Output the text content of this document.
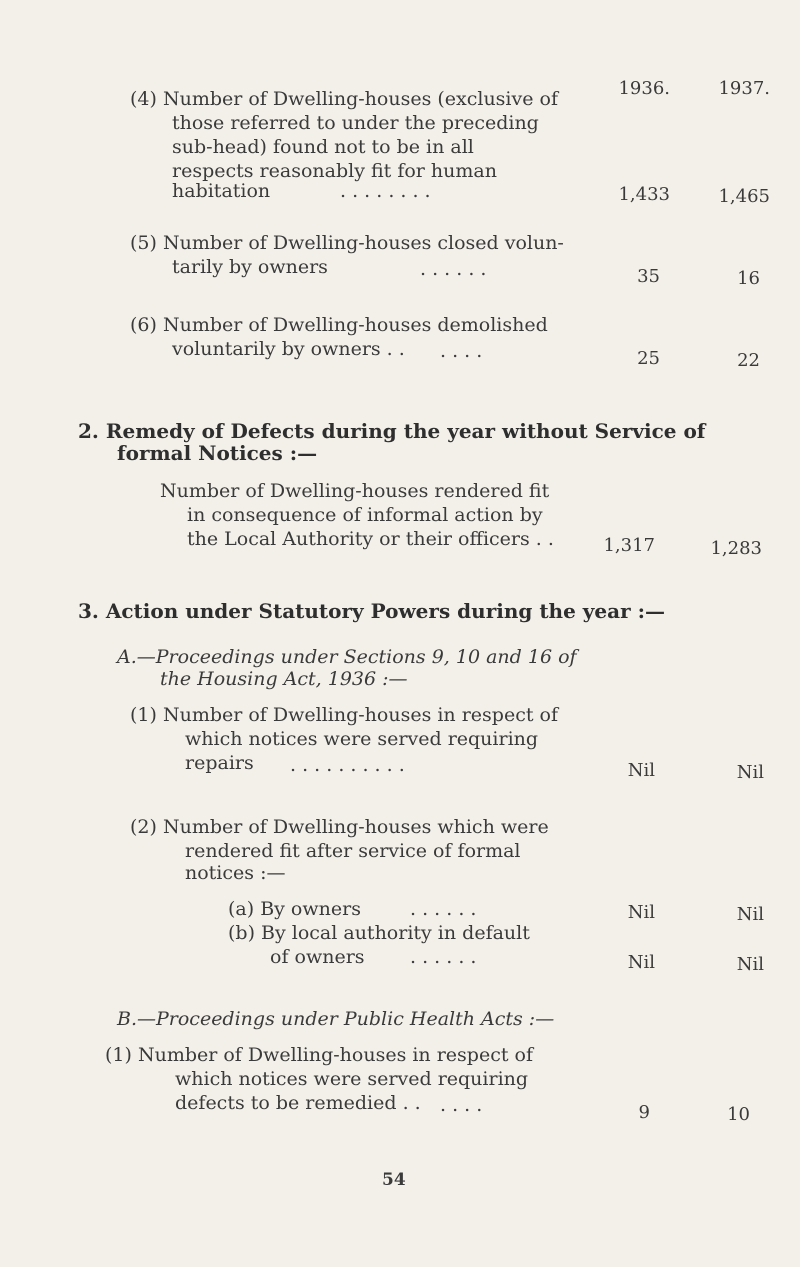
1936.	1937.
(4) Number of Dwelling-houses (exclusive of
those referred to under the preceding
sub-head) found not to be in all
respects reasonably fit for human
habitation	. . . . . . . .	1,433	1,465
(5) Number of Dwelling-houses closed volun-
tarily by owners	. . . . . .	35	16
(6) Number of Dwelling-houses demolished
voluntarily by owners . . . . . .	25	22
2. Remedy of Defects during the year without Service of
formal Notices :—
Number of Dwelling-houses rendered fit
in consequence of informal action by
the Local Authority or their officers . .	1,317	1,283
3. Action under Statutory Powers during the year :—
A.—Proceedings under Sections 9, 10 and 16 of
the Housing Act, 1936 :—
(1) Number of Dwelling-houses in respect of
which notices were served requiring
repairs . . . . . . . . . .	Nil	Nil
(2) Number of Dwelling-houses which were
rendered fit after service of formal
notices :—
(a) By owners	. . . . . .	Nil	Nil
(b) By local authority in default
of owners . . . . . .	Nil	Nil
B.—Proceedings under Public Health Acts :—
(1) Number of Dwelling-houses in respect of
which notices were served requiring
defects to be remedied . . . . . .	9	10
54
